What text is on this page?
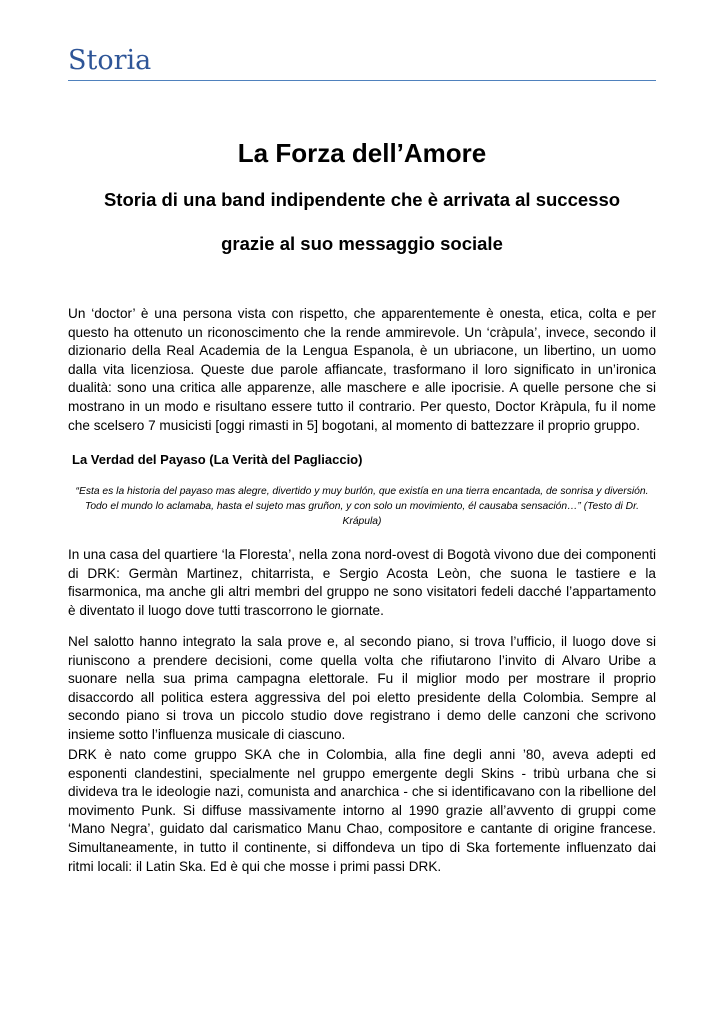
Storia
La Forza dell’Amore
Storia di una band indipendente che è arrivata al successo
grazie al suo messaggio sociale
Un ‘doctor’ è una persona vista con rispetto, che apparentemente è onesta, etica, colta e per questo ha ottenuto un riconoscimento che la rende ammirevole. Un ‘cràpula’, invece, secondo il dizionario della Real Academia de la Lengua Espanola, è un ubriacone, un libertino, un uomo dalla vita licenziosa. Queste due parole affiancate, trasformano il loro significato in un’ironica dualità: sono una critica alle apparenze, alle maschere e alle ipocrisie. A quelle persone che si mostrano in un modo e risultano essere tutto il contrario. Per questo, Doctor Kràpula, fu il nome che scelsero 7 musicisti [oggi rimasti in 5] bogotani, al momento di battezzare il proprio gruppo.
La Verdad del Payaso (La Verità del Pagliaccio)
“Esta es la historia del payaso mas alegre, divertido y muy burlón, que existía en una tierra encantada, de sonrisa y diversión. Todo el mundo lo aclamaba, hasta el sujeto mas gruñon, y con solo un movimiento, él causaba sensación…” (Testo di Dr. Krápula)
In una casa del quartiere ‘la Floresta’, nella zona nord-ovest di Bogotà vivono due dei componenti di DRK: Germàn Martinez, chitarrista, e Sergio Acosta Leòn, che suona le tastiere e la fisarmonica, ma anche gli altri membri del gruppo ne sono visitatori fedeli dacché l’appartamento è diventato il luogo dove tutti trascorrono le giornate.
Nel salotto hanno integrato la sala prove e, al secondo piano, si trova l’ufficio, il luogo dove si riuniscono a prendere decisioni, come quella volta che rifiutarono l’invito di Alvaro Uribe a suonare nella sua prima campagna elettorale. Fu il miglior modo per mostrare il proprio disaccordo all politica estera aggressiva del poi eletto presidente della Colombia. Sempre al secondo piano si trova un piccolo studio dove registrano i demo delle canzoni che scrivono insieme sotto l’influenza musicale di ciascuno.
DRK è nato come gruppo SKA che in Colombia, alla fine degli anni ’80, aveva adepti ed esponenti clandestini, specialmente nel gruppo emergente degli Skins - tribù urbana che si divideva tra le ideologie nazi, comunista and anarchica - che si identificavano con la ribellione del movimento Punk. Si diffuse massivamente intorno al 1990 grazie all’avvento di gruppi come ‘Mano Negra’, guidato dal carismatico Manu Chao, compositore e cantante di origine francese. Simultaneamente, in tutto il continente, si diffondeva un tipo di Ska fortemente influenzato dai ritmi locali: il Latin Ska. Ed è qui che mosse i primi passi DRK.
